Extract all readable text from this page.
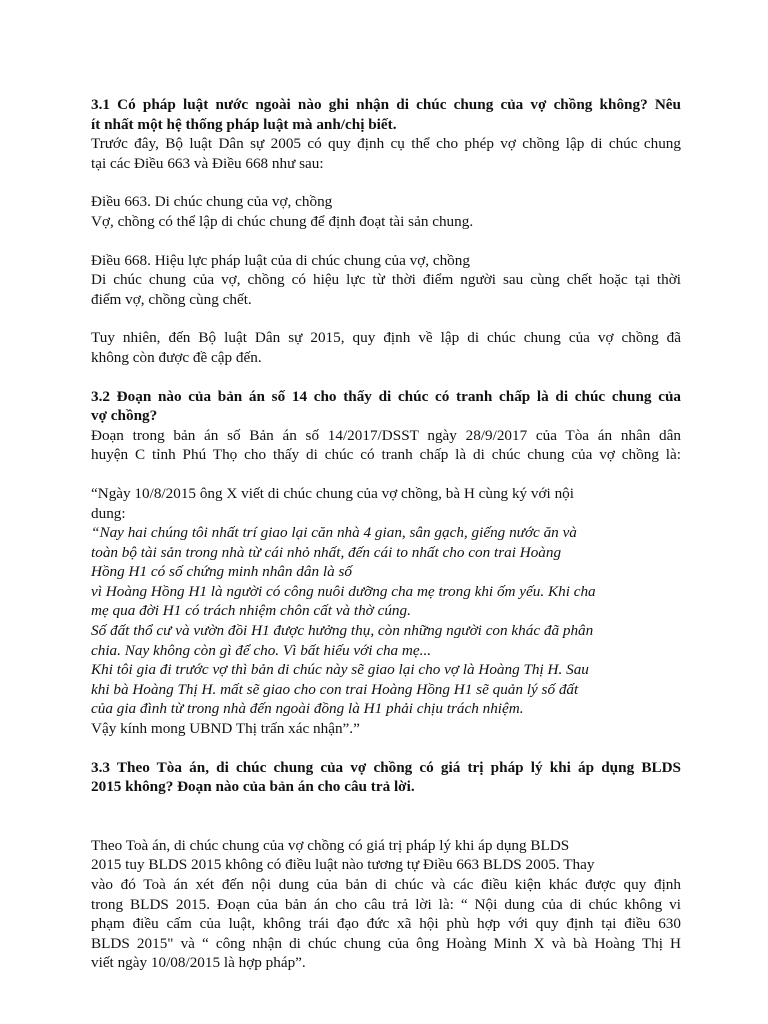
3.1 Có pháp luật nước ngoài nào ghi nhận di chúc chung của vợ chồng không? Nêu
ít nhất một hệ thống pháp luật mà anh/chị biết.
Trước đây, Bộ luật Dân sự 2005 có quy định cụ thể cho phép vợ chồng lập di chúc chung
tại các Điều 663 và Điều 668 như sau:
Điều 663. Di chúc chung của vợ, chồng
Vợ, chồng có thể lập di chúc chung để định đoạt tài sản chung.
Điều 668. Hiệu lực pháp luật của di chúc chung của vợ, chồng
Di chúc chung của vợ, chồng có hiệu lực từ thời điểm người sau cùng chết hoặc tại thời
điểm vợ, chồng cùng chết.
Tuy nhiên, đến Bộ luật Dân sự 2015, quy định về lập di chúc chung của vợ chồng đã
không còn được đề cập đến.
3.2 Đoạn nào của bản án số 14 cho thấy di chúc có tranh chấp là di chúc chung của
vợ chồng?
Đoạn trong bản án số Bản án số 14/2017/DSST ngày 28/9/2017 của Tòa án nhân dân
huyện C tỉnh Phú Thọ cho thấy di chúc có tranh chấp là di chúc chung của vợ chồng là:
“Ngày 10/8/2015 ông X viết di chúc chung của vợ chồng, bà H cùng ký với nội
dung:
“Nay hai chúng tôi nhất trí giao lại căn nhà 4 gian, sân gạch, giếng nước ăn và
toàn bộ tài sản trong nhà từ cái nhỏ nhất, đến cái to nhất cho con trai Hoàng
Hồng H1 có số chứng minh nhân dân là số
vì Hoàng Hồng H1 là người có công nuôi dưỡng cha mẹ trong khi ốm yếu. Khi cha
mẹ qua đời H1 có trách nhiệm chôn cất và thờ cúng.
Số đất thổ cư và vườn đồi H1 được hưởng thụ, còn những người con khác đã phân
chia. Nay không còn gì để cho. Vì bất hiếu với cha mẹ...
Khi tôi gia đi trước vợ thì bản di chúc này sẽ giao lại cho vợ là Hoàng Thị H. Sau
khi bà Hoàng Thị H. mất sẽ giao cho con trai Hoàng Hồng H1 sẽ quản lý số đất
của gia đình từ trong nhà đến ngoài đồng là H1 phải chịu trách nhiệm.
Vậy kính mong UBND Thị trấn xác nhận”.”
3.3 Theo Tòa án, di chúc chung của vợ chồng có giá trị pháp lý khi áp dụng BLDS
2015 không? Đoạn nào của bản án cho câu trả lời.
Theo Toà án, di chúc chung của vợ chồng có giá trị pháp lý khi áp dụng BLDS
2015 tuy BLDS 2015 không có điều luật nào tương tự Điều 663 BLDS 2005. Thay
vào đó Toà án xét đến nội dung của bản di chúc và các điều kiện khác được quy định
trong BLDS 2015. Đoạn của bản án cho câu trả lời là: “ Nội dung của di chúc không vi
phạm điều cấm của luật, không trái đạo đức xã hội phù hợp với quy định tại điều 630
BLDS 2015" và “ công nhận di chúc chung của ông Hoàng Minh X và bà Hoàng Thị H
viết ngày 10/08/2015 là hợp pháp”.
